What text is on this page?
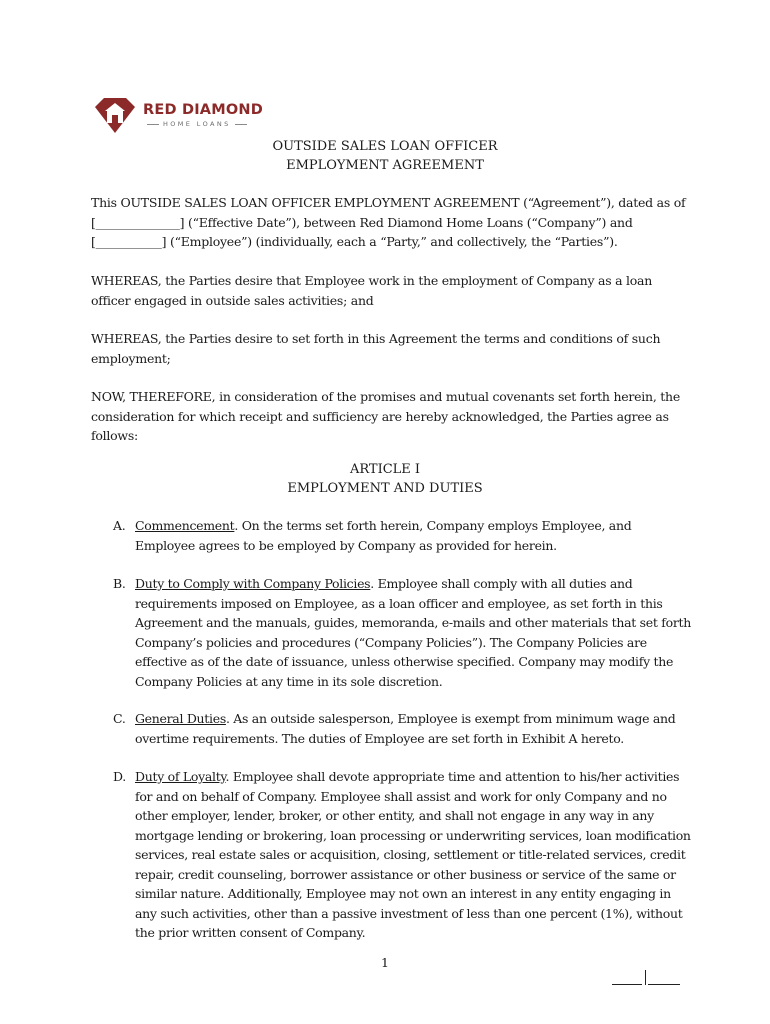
RED DIAMOND
HOME LOANS
OUTSIDE SALES LOAN OFFICER
EMPLOYMENT AGREEMENT
This OUTSIDE SALES LOAN OFFICER EMPLOYMENT AGREEMENT (“Agreement”), dated as of [______________] (“Effective Date”), between Red Diamond Home Loans (“Company”) and [___________] (“Employee”) (individually, each a “Party,” and collectively, the “Parties”).
WHEREAS, the Parties desire that Employee work in the employment of Company as a loan officer engaged in outside sales activities; and
WHEREAS, the Parties desire to set forth in this Agreement the terms and conditions of such employment;
NOW, THEREFORE, in consideration of the promises and mutual covenants set forth herein, the consideration for which receipt and sufficiency are hereby acknowledged, the Parties agree as follows:
ARTICLE I
EMPLOYMENT AND DUTIES
A. Commencement. On the terms set forth herein, Company employs Employee, and Employee agrees to be employed by Company as provided for herein.
B. Duty to Comply with Company Policies. Employee shall comply with all duties and requirements imposed on Employee, as a loan officer and employee, as set forth in this Agreement and the manuals, guides, memoranda, e-mails and other materials that set forth Company’s policies and procedures (“Company Policies”). The Company Policies are effective as of the date of issuance, unless otherwise specified. Company may modify the Company Policies at any time in its sole discretion.
C. General Duties. As an outside salesperson, Employee is exempt from minimum wage and overtime requirements. The duties of Employee are set forth in Exhibit A hereto.
D. Duty of Loyalty. Employee shall devote appropriate time and attention to his/her activities for and on behalf of Company. Employee shall assist and work for only Company and no other employer, lender, broker, or other entity, and shall not engage in any way in any mortgage lending or brokering, loan processing or underwriting services, loan modification services, real estate sales or acquisition, closing, settlement or title-related services, credit repair, credit counseling, borrower assistance or other business or service of the same or similar nature. Additionally, Employee may not own an interest in any entity engaging in any such activities, other than a passive investment of less than one percent (1%), without the prior written consent of Company.
1
